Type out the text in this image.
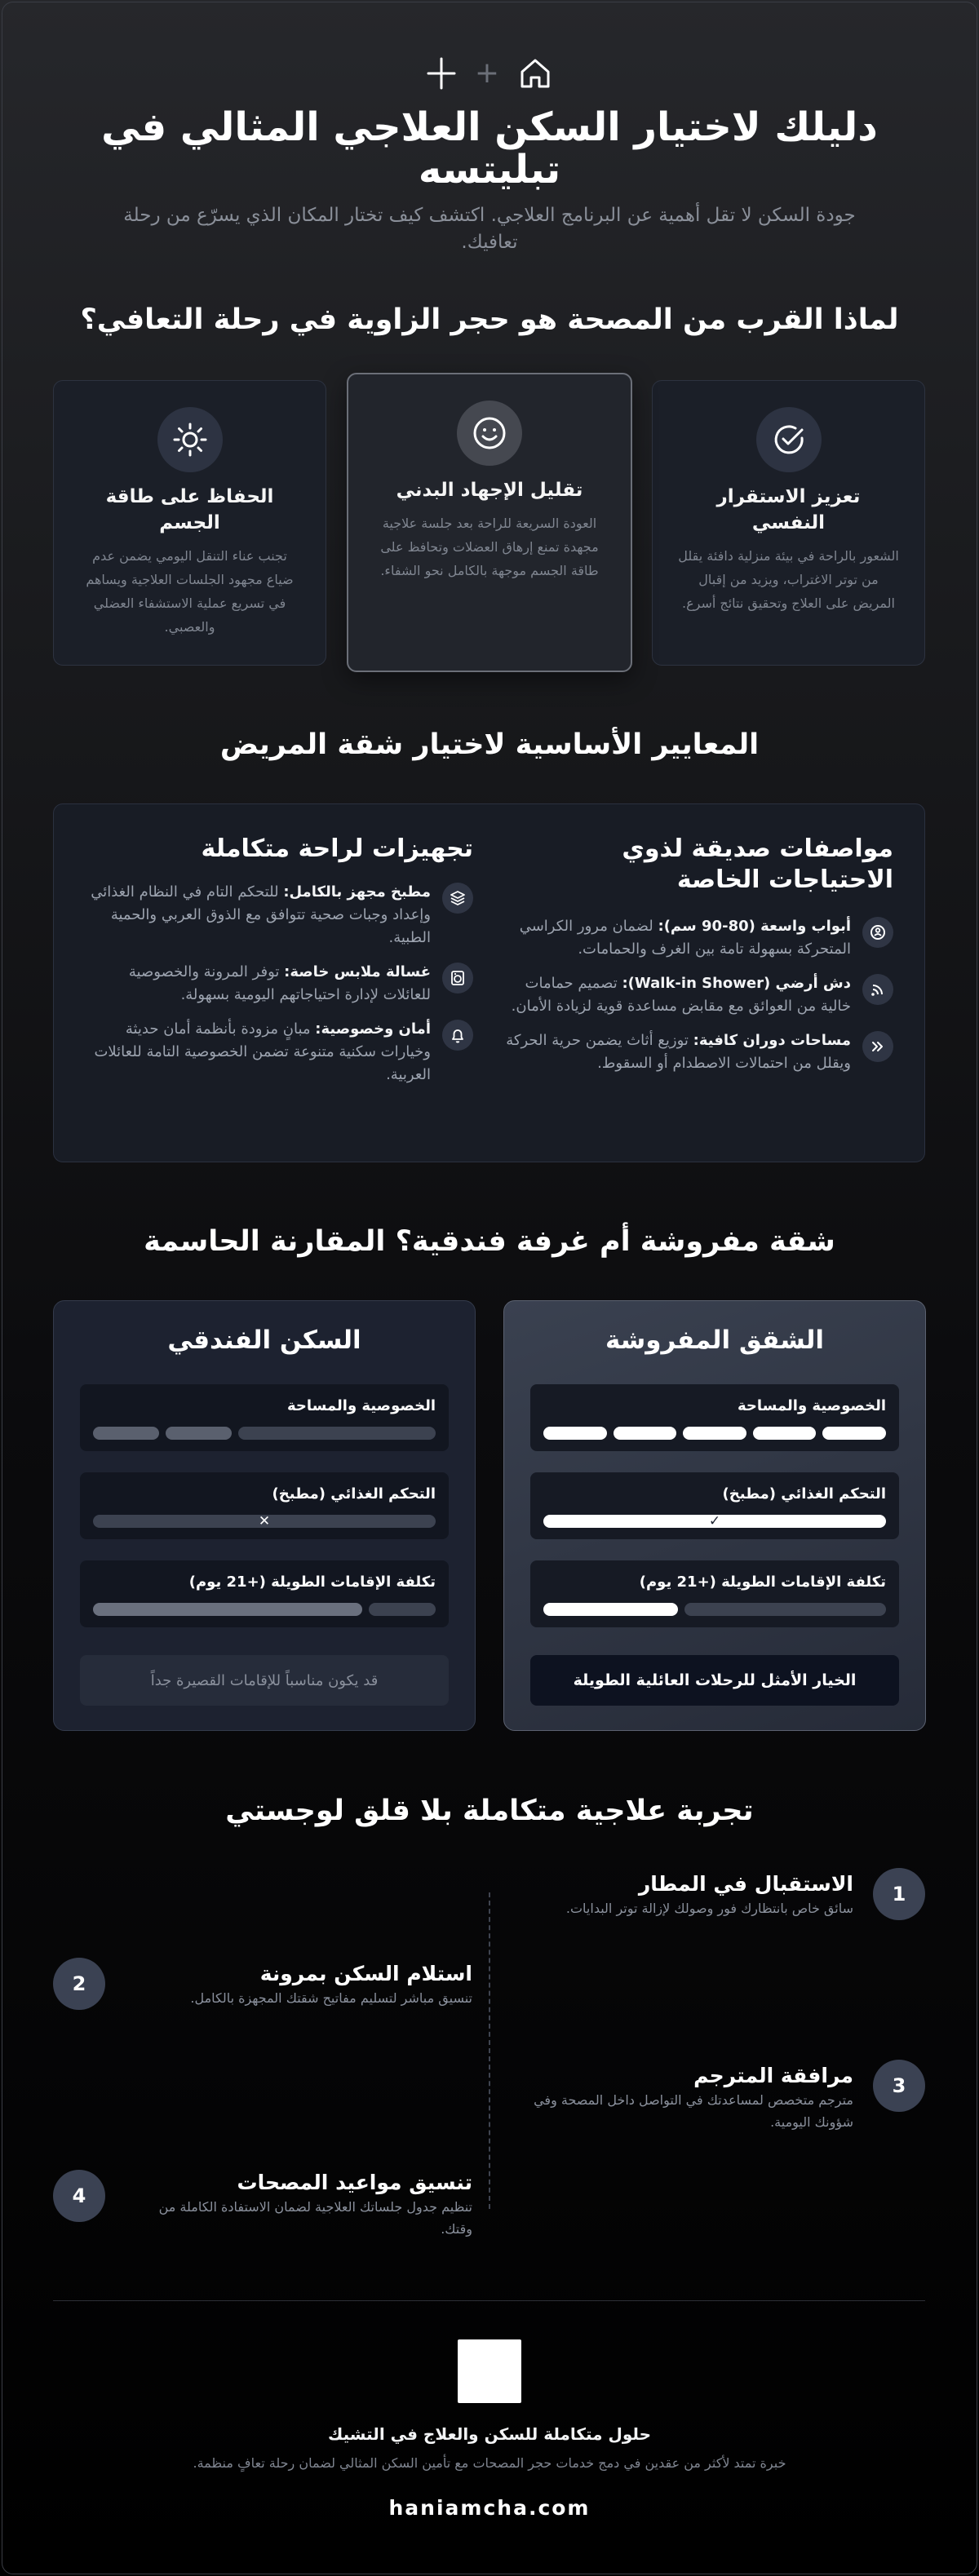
+
دليلك لاختيار السكن العلاجي المثالي في تبليتسه
جودة السكن لا تقل أهمية عن البرنامج العلاجي. اكتشف كيف تختار المكان الذي يسرّع من رحلة تعافيك.
لماذا القرب من المصحة هو حجر الزاوية في رحلة التعافي؟
تعزيز الاستقرار النفسي
الشعور بالراحة في بيئة منزلية دافئة يقلل من توتر الاغتراب، ويزيد من إقبال المريض على العلاج وتحقيق نتائج أسرع.
تقليل الإجهاد البدني
العودة السريعة للراحة بعد جلسة علاجية مجهدة تمنع إرهاق العضلات وتحافظ على طاقة الجسم موجهة بالكامل نحو الشفاء.
الحفاظ على طاقة الجسم
تجنب عناء التنقل اليومي يضمن عدم ضياع مجهود الجلسات العلاجية ويساهم في تسريع عملية الاستشفاء العضلي والعصبي.
المعايير الأساسية لاختيار شقة المريض
مواصفات صديقة لذوي الاحتياجات الخاصة
أبواب واسعة (80-90 سم): لضمان مرور الكراسي المتحركة بسهولة تامة بين الغرف والحمامات.
دش أرضي (Walk-in Shower): تصميم حمامات خالية من العوائق مع مقابض مساعدة قوية لزيادة الأمان.
مساحات دوران كافية: توزيع أثاث يضمن حرية الحركة ويقلل من احتمالات الاصطدام أو السقوط.
تجهيزات لراحة متكاملة
مطبخ مجهز بالكامل: للتحكم التام في النظام الغذائي وإعداد وجبات صحية تتوافق مع الذوق العربي والحمية الطبية.
غسالة ملابس خاصة: توفر المرونة والخصوصية للعائلات لإدارة احتياجاتهم اليومية بسهولة.
أمان وخصوصية: مبانٍ مزودة بأنظمة أمان حديثة وخيارات سكنية متنوعة تضمن الخصوصية التامة للعائلات العربية.
شقة مفروشة أم غرفة فندقية؟ المقارنة الحاسمة
الشقق المفروشة
الخصوصية والمساحة
التحكم الغذائي (مطبخ)
✓
تكلفة الإقامات الطويلة (+21 يوم)
الخيار الأمثل للرحلات العائلية الطويلة
السكن الفندقي
الخصوصية والمساحة
التحكم الغذائي (مطبخ)
✕
تكلفة الإقامات الطويلة (+21 يوم)
قد يكون مناسباً للإقامات القصيرة جداً
تجربة علاجية متكاملة بلا قلق لوجستي
1
الاستقبال في المطار
سائق خاص بانتظارك فور وصولك لإزالة توتر البدايات.
2	استلام السكن بمرونة
تنسيق مباشر لتسليم مفاتيح شقتك المجهزة بالكامل.
3
مرافقة المترجم
مترجم متخصص لمساعدتك في التواصل داخل المصحة وفي شؤونك اليومية.
4
تنسيق مواعيد المصحات
تنظيم جدول جلساتك العلاجية لضمان الاستفادة الكاملة من وقتك.
حلول متكاملة للسكن والعلاج في التشيك
خبرة تمتد لأكثر من عقدين في دمج خدمات حجر المصحات مع تأمين السكن المثالي لضمان رحلة تعافٍ منظمة.
haniamcha.com
